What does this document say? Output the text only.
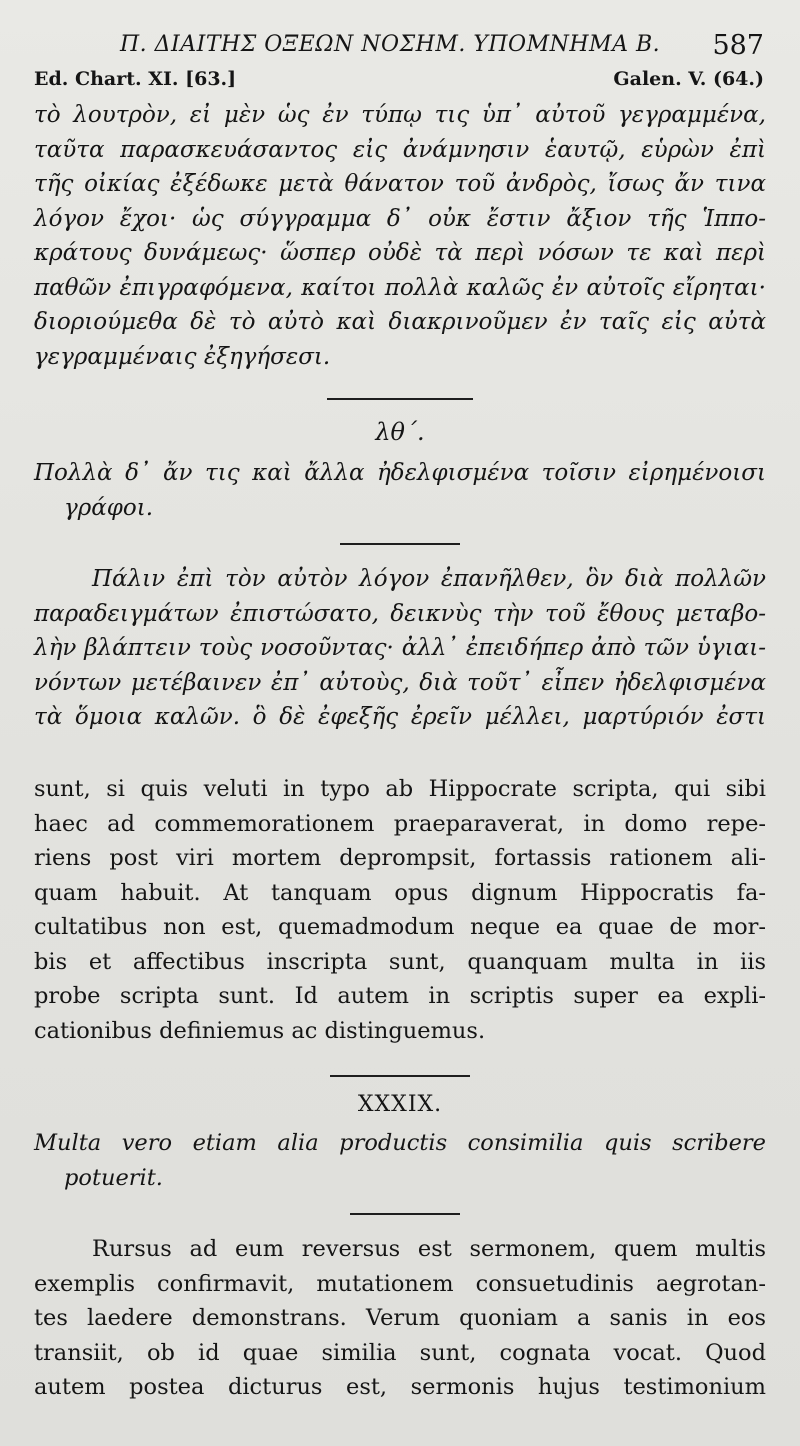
Π. ΔΙΑΙΤΗΣ ΟΞΕΩΝ ΝΟΣΗΜ. ΥΠΟΜΝΗΜΑ Β. 587
Ed. Chart. XI. [63.]	Galen. V. (64.)
τὸ λουτρὸν, εἰ μὲν ὡς ἐν τύπῳ τις ὑπ᾽ αὐτοῦ γεγραμμένα,
ταῦτα παρασκευάσαντος εἰς ἀνάμνησιν ἑαυτῷ, εὑρὼν ἐπὶ
τῆς οἰκίας ἐξέδωκε μετὰ θάνατον τοῦ ἀνδρὸς, ἴσως ἄν τινα
λόγον ἔχοι· ὡς σύγγραμμα δ᾽ οὐκ ἔστιν ἄξιον τῆς Ἱππο-
κράτους δυνάμεως· ὥσπερ οὐδὲ τὰ περὶ νόσων τε καὶ περὶ
παθῶν ἐπιγραφόμενα, καίτοι πολλὰ καλῶς ἐν αὐτοῖς εἴρηται·
διοριούμεθα δὲ τὸ αὐτὸ καὶ διακρινοῦμεν ἐν ταῖς εἰς αὐτὰ
γεγραμμέναις ἐξηγήσεσι.
λθ΄.
Πολλὰ δ᾽ ἄν τις καὶ ἄλλα ἠδελφισμένα τοῖσιν εἰρημένοισι
γράφοι.
Πάλιν ἐπὶ τὸν αὐτὸν λόγον ἐπανῆλθεν, ὃν διὰ πολλῶν
παραδειγμάτων ἐπιστώσατο, δεικνὺς τὴν τοῦ ἔθους μεταβο-
λὴν βλάπτειν τοὺς νοσοῦντας· ἀλλ᾽ ἐπειδήπερ ἀπὸ τῶν ὑγιαι-
νόντων μετέβαινεν ἐπ᾽ αὐτοὺς, διὰ τοῦτ᾽ εἶπεν ἠδελφισμένα
τὰ ὅμοια καλῶν. ὃ δὲ ἐφεξῆς ἐρεῖν μέλλει, μαρτύριόν ἐστι
sunt, si quis veluti in typo ab Hippocrate scripta, qui sibi
haec ad commemorationem praeparaverat, in domo repe-
riens post viri mortem deprompsit, fortassis rationem ali-
quam habuit. At tanquam opus dignum Hippocratis fa-
cultatibus non est, quemadmodum neque ea quae de mor-
bis et affectibus inscripta sunt, quanquam multa in iis
probe scripta sunt. Id autem in scriptis super ea expli-
cationibus definiemus ac distinguemus.
XXXIX.
Multa vero etiam alia productis consimilia quis scribere
potuerit.
Rursus ad eum reversus est sermonem, quem multis
exemplis confirmavit, mutationem consuetudinis aegrotan-
tes laedere demonstrans. Verum quoniam a sanis in eos
transiit, ob id quae similia sunt, cognata vocat. Quod
autem postea dicturus est, sermonis hujus testimonium
